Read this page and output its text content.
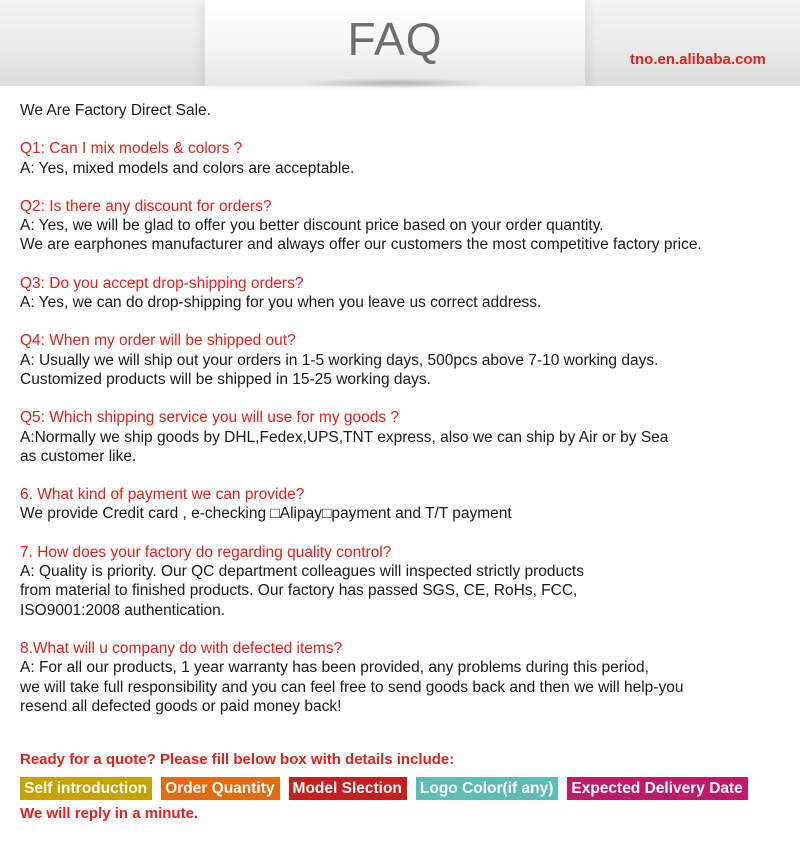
FAQ	tno.en.alibaba.com

We Are Factory Direct Sale.

Q1: Can I mix models & colors ?

A: Yes, mixed models and colors are acceptable.

Q2: Is there any discount for orders?

A: Yes, we will be glad to offer you better discount price based on your order quantity.

We are earphones manufacturer and always offer our customers the most competitive factory price.

Q3: Do you accept drop-shipping orders?

A: Yes, we can do drop-shipping for you when you leave us correct address.

Q4: When my order will be shipped out?

A: Usually we will ship out your orders in 1-5 working days, 500pcs above 7-10 working days.

Customized products will be shipped in 15-25 working days.

Q5: Which shipping service you will use for my goods ?

A:Normally we ship goods by DHL,Fedex,UPS,TNT express, also we can ship by Air or by Sea

as customer like.

6. What kind of payment we can provide?

We provide Credit card , e-checking □Alipay□payment and T/T payment

7. How does your factory do regarding quality control?

A: Quality is priority. Our QC department colleagues will inspected strictly products

from material to finished products. Our factory has passed SGS, CE, RoHs, FCC,

ISO9001:2008 authentication.

8.What will u company do with defected items?

A: For all our products, 1 year warranty has been provided, any problems during this period,

we will take full responsibility and you can feel free to send goods back and then we will help-you

resend all defected goods or paid money back!

Ready for a quote? Please fill below box with details include:
Self introduction	Order Quantity	Model Slection	Logo Color(if any)	Expected Delivery Date
We will reply in a minute.
